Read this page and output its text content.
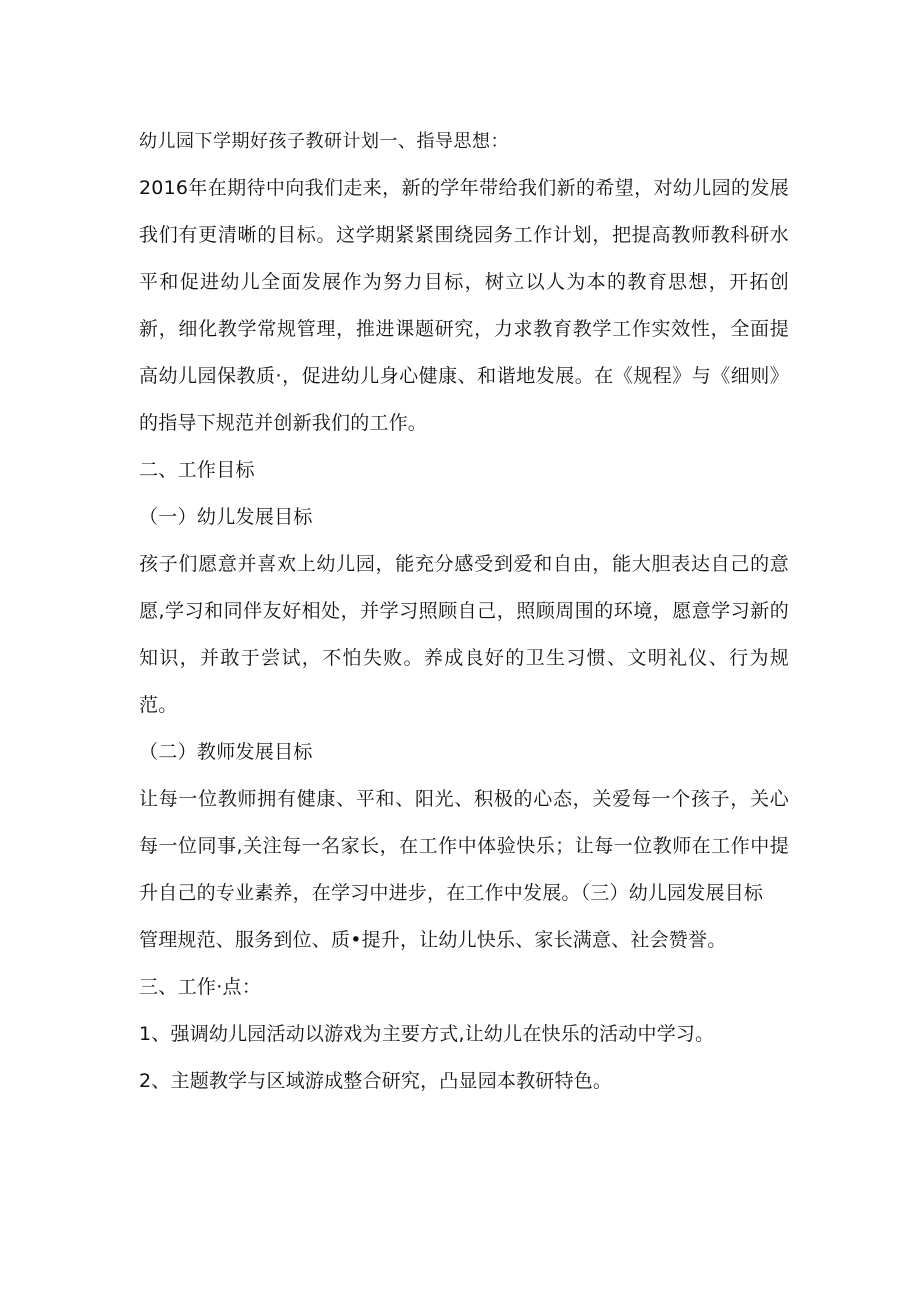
幼儿园下学期好孩子教研计划一、指导思想：

2016年在期待中向我们走来，新的学年带给我们新的希望，对幼儿园的发展我们有更清晰的目标。这学期紧紧围绕园务工作计划，把提高教师教科研水平和促进幼儿全面发展作为努力目标，树立以人为本的教育思想，开拓创新，细化教学常规管理，推进课题研究，力求教育教学工作实效性，全面提高幼儿园保教质·，促进幼儿身心健康、和谐地发展。在《规程》与《细则》的指导下规范并创新我们的工作。

二、工作目标

（一）幼儿发展目标

孩子们愿意并喜欢上幼儿园，能充分感受到爱和自由，能大胆表达自己的意愿,学习和同伴友好相处，并学习照顾自己，照顾周围的环境，愿意学习新的知识，并敢于尝试，不怕失败。养成良好的卫生习惯、文明礼仪、行为规范。

（二）教师发展目标

让每一位教师拥有健康、平和、阳光、积极的心态，关爱每一个孩子，关心每一位同事,关注每一名家长，在工作中体验快乐；让每一位教师在工作中提升自己的专业素养，在学习中进步，在工作中发展。（三）幼儿园发展目标

管理规范、服务到位、质•提升，让幼儿快乐、家长满意、社会赞誉。

三、工作·点：

1、强调幼儿园活动以游戏为主要方式,让幼儿在快乐的活动中学习。

2、主题教学与区域游成整合研究，凸显园本教研特色。
